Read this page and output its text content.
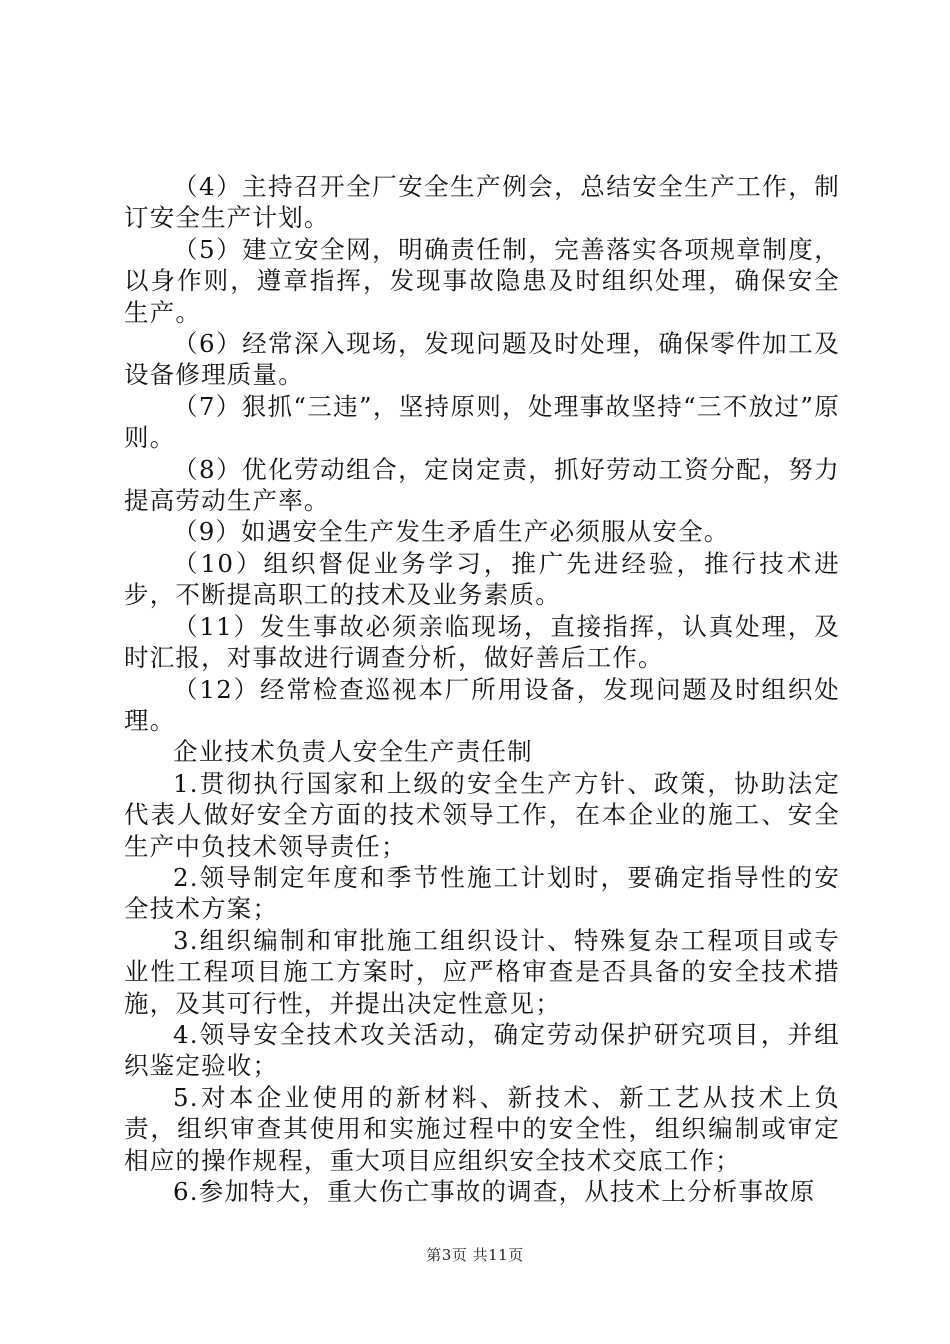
（4）主持召开全厂安全生产例会，总结安全生产工作，制订安全生产计划。

（5）建立安全网，明确责任制，完善落实各项规章制度，以身作则，遵章指挥，发现事故隐患及时组织处理，确保安全生产。

（6）经常深入现场，发现问题及时处理，确保零件加工及设备修理质量。

（7）狠抓“三违”，坚持原则，处理事故坚持“三不放过”原则。

（8）优化劳动组合，定岗定责，抓好劳动工资分配，努力提高劳动生产率。

（9）如遇安全生产发生矛盾生产必须服从安全。

（10）组织督促业务学习，推广先进经验，推行技术进步，不断提高职工的技术及业务素质。

（11）发生事故必须亲临现场，直接指挥，认真处理，及时汇报，对事故进行调查分析，做好善后工作。

（12）经常检查巡视本厂所用设备，发现问题及时组织处理。

企业技术负责人安全生产责任制

1.贯彻执行国家和上级的安全生产方针、政策，协助法定代表人做好安全方面的技术领导工作，在本企业的施工、安全生产中负技术领导责任；

2.领导制定年度和季节性施工计划时，要确定指导性的安全技术方案；

3.组织编制和审批施工组织设计、特殊复杂工程项目或专业性工程项目施工方案时，应严格审查是否具备的安全技术措施，及其可行性，并提出决定性意见；

4.领导安全技术攻关活动，确定劳动保护研究项目，并组织鉴定验收；

5.对本企业使用的新材料、新技术、新工艺从技术上负责，组织审查其使用和实施过程中的安全性，组织编制或审定相应的操作规程，重大项目应组织安全技术交底工作；

6.参加特大，重大伤亡事故的调查，从技术上分析事故原

第3页 共11页
